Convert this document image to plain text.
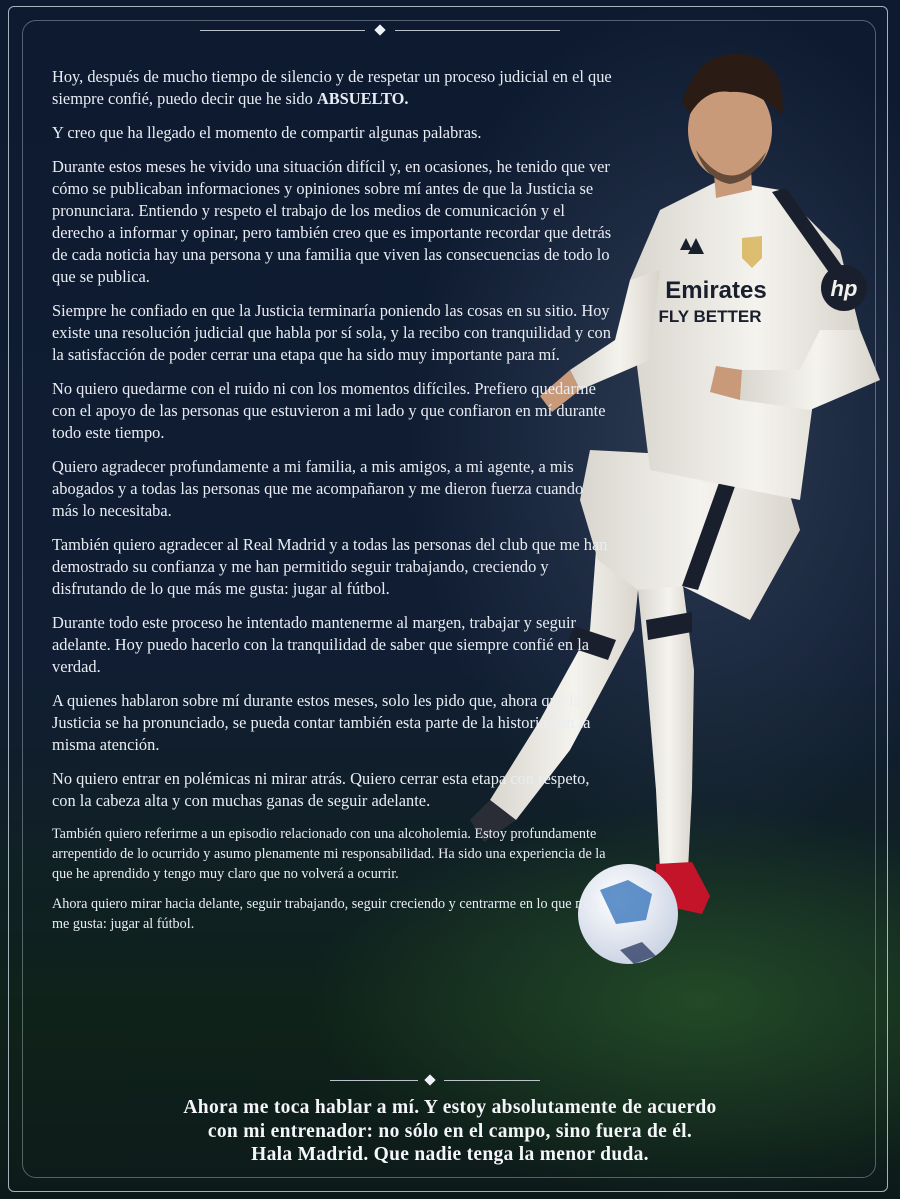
Emirates
FLY BETTER
hp

Hoy, después de mucho tiempo de silencio y de respetar un proceso judicial en el que siempre confié, puedo decir que he sido ABSUELTO.

Y creo que ha llegado el momento de compartir algunas palabras.

Durante estos meses he vivido una situación difícil y, en ocasiones, he tenido que ver cómo se publicaban informaciones y opiniones sobre mí antes de que la Justicia se pronunciara. Entiendo y respeto el trabajo de los medios de comunicación y el derecho a informar y opinar, pero también creo que es importante recordar que detrás de cada noticia hay una persona y una familia que viven las consecuencias de todo lo que se publica.

Siempre he confiado en que la Justicia terminaría poniendo las cosas en su sitio. Hoy existe una resolución judicial que habla por sí sola, y la recibo con tranquilidad y con la satisfacción de poder cerrar una etapa que ha sido muy importante para mí.

No quiero quedarme con el ruido ni con los momentos difíciles. Prefiero quedarme con el apoyo de las personas que estuvieron a mi lado y que confiaron en mí durante todo este tiempo.

Quiero agradecer profundamente a mi familia, a mis amigos, a mi agente, a mis abogados y a todas las personas que me acompañaron y me dieron fuerza cuando más lo necesitaba.

También quiero agradecer al Real Madrid y a todas las personas del club que me han demostrado su confianza y me han permitido seguir trabajando, creciendo y disfrutando de lo que más me gusta: jugar al fútbol.

Durante todo este proceso he intentado mantenerme al margen, trabajar y seguir adelante. Hoy puedo hacerlo con la tranquilidad de saber que siempre confié en la verdad.

A quienes hablaron sobre mí durante estos meses, solo les pido que, ahora que la Justicia se ha pronunciado, se pueda contar también esta parte de la historia con la misma atención.

No quiero entrar en polémicas ni mirar atrás. Quiero cerrar esta etapa con respeto, con la cabeza alta y con muchas ganas de seguir adelante.

También quiero referirme a un episodio relacionado con una alcoholemia. Estoy profundamente arrepentido de lo ocurrido y asumo plenamente mi responsabilidad. Ha sido una experiencia de la que he aprendido y tengo muy claro que no volverá a ocurrir.

Ahora quiero mirar hacia delante, seguir trabajando, seguir creciendo y centrarme en lo que más me gusta: jugar al fútbol.

Ahora me toca hablar a mí. Y estoy absolutamente de acuerdo
con mi entrenador: no sólo en el campo, sino fuera de él.
Hala Madrid. Que nadie tenga la menor duda.
